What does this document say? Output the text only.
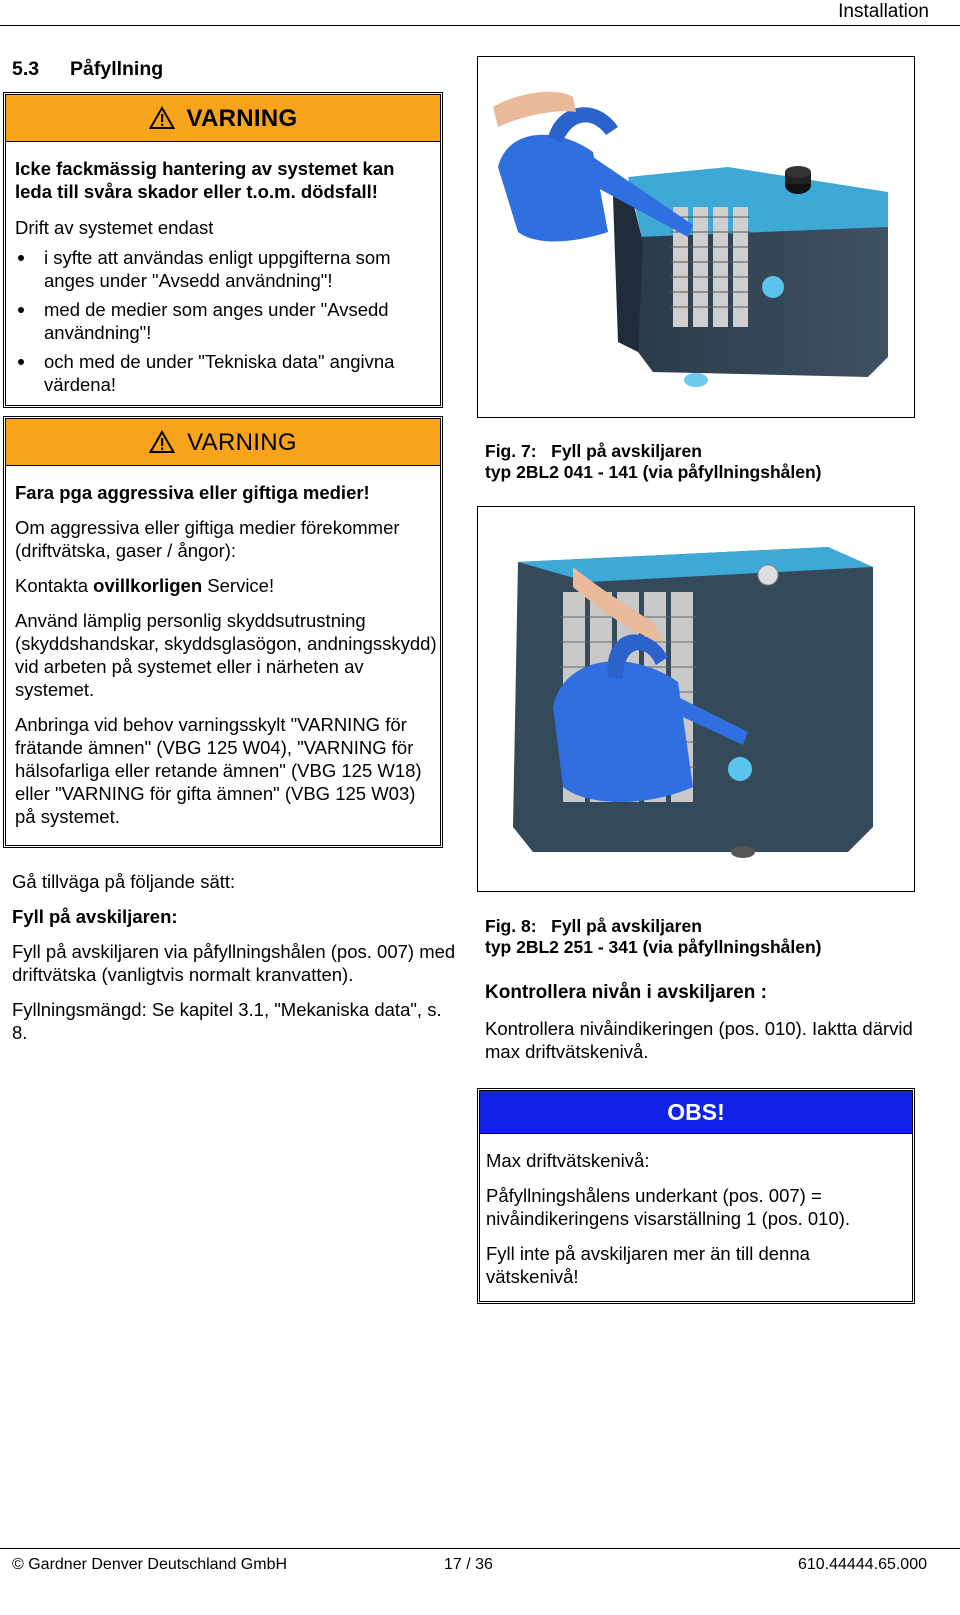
Installation
5.3 Påfyllning
VARNING

Icke fackmässig hantering av systemet kan leda till svåra skador eller t.o.m. dödsfall!

Drift av systemet endast

i syfte att användas enligt uppgifterna som anges under "Avsedd användning"!
med de medier som anges under "Avsedd användning"!
och med de under "Tekniska data" angivna värdena!
VARNING

Fara pga aggressiva eller giftiga medier!

Om aggressiva eller giftiga medier förekommer (driftvätska, gaser / ångor):

Kontakta ovillkorligen Service!

Använd lämplig personlig skyddsutrustning (skyddshandskar, skyddsglasögon, andningsskydd) vid arbeten på systemet eller i närheten av systemet.

Anbringa vid behov varningsskylt "VARNING för frätande ämnen" (VBG 125 W04), "VARNING för hälsofarliga eller retande ämnen" (VBG 125 W18) eller "VARNING för gifta ämnen" (VBG 125 W03) på systemet.

Gå tillväga på följande sätt:

Fyll på avskiljaren:

Fyll på avskiljaren via påfyllningshålen (pos. 007) med driftvätska (vanligtvis normalt kranvatten).

Fyllningsmängd: Se kapitel 3.1, "Mekaniska data", s. 8.

Fig. 7: Fyll på avskiljaren
typ 2BL2 041 - 141 (via påfyllningshålen)
Fig. 8: Fyll på avskiljaren
typ 2BL2 251 - 341 (via påfyllningshålen)

Kontrollera nivån i avskiljaren :

Kontrollera nivåindikeringen (pos. 010). Iaktta därvid max driftvätskenivå.

OBS!

Max driftvätskenivå:

Påfyllningshålens underkant (pos. 007) = nivåindikeringens visarställning 1 (pos. 010).

Fyll inte på avskiljaren mer än till denna vätskenivå!

© Gardner Denver Deutschland GmbH	17 / 36	610.44444.65.000
